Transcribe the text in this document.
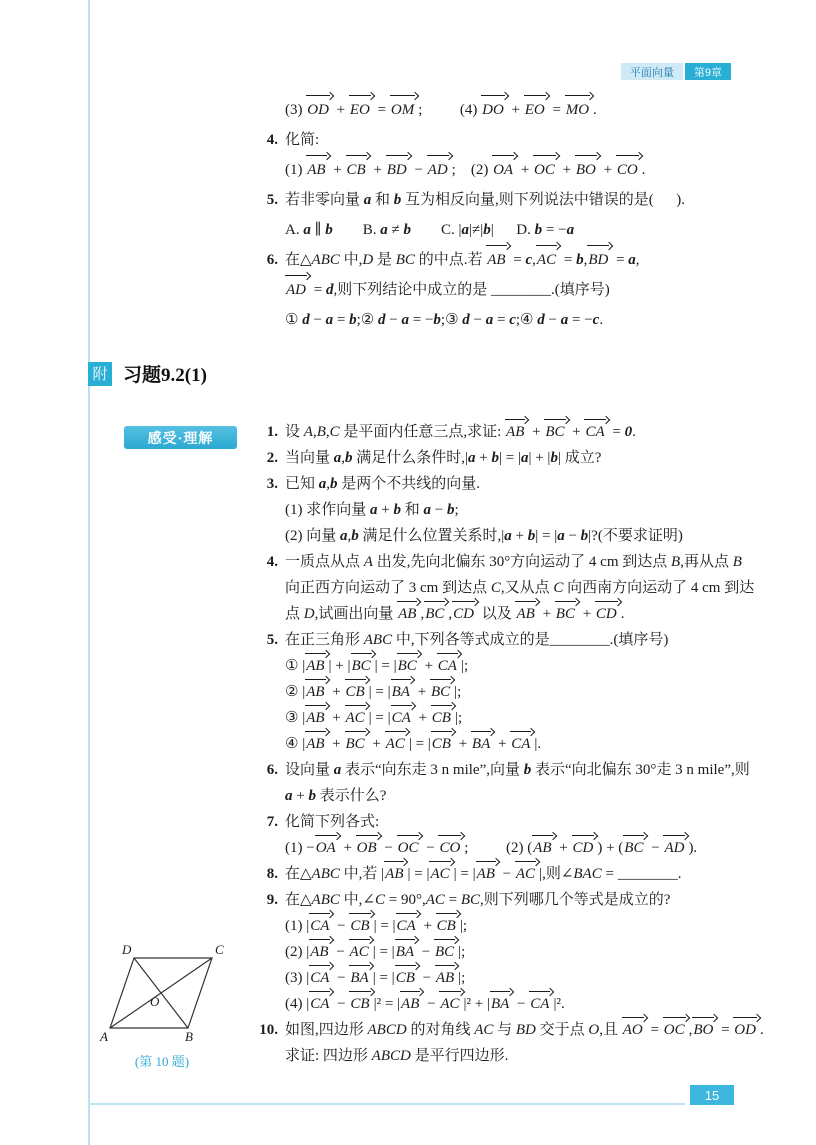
平面向量	第9章
(3) OD + EO = OM ;          (4) DO + EO = MO .
4. 化简:
(1) AB + CB + BD − AD ;    (2) OA + OC + BO + CO .
5. 若非零向量 a 和 b 互为相反向量,则下列说法中错误的是(      ).
A. a ∥ b        B. a ≠ b        C. |a|≠|b|      D. b = −a
6. 在△ABC 中,D 是 BC 的中点.若 AB = c,AC = b,BD = a,
AD = d,则下列结论中成立的是 ________.(填序号)
① d − a = b;② d − a = −b;③ d − a = c;④ d − a = −c.
附 习题9.2(1)
感受·理解	1. 设 A,B,C 是平面内任意三点,求证: AB + BC + CA = 0.
2. 当向量 a,b 满足什么条件时,|a + b| = |a| + |b| 成立?
3. 已知 a,b 是两个不共线的向量.
(1) 求作向量 a + b 和 a − b;
(2) 向量 a,b 满足什么位置关系时,|a + b| = |a − b|?(不要求证明)
4. 一质点从点 A 出发,先向北偏东 30°方向运动了 4 cm 到达点 B,再从点 B
向正西方向运动了 3 cm 到达点 C,又从点 C 向西南方向运动了 4 cm 到达
点 D,试画出向量 AB ,BC ,CD 以及 AB + BC + CD .
5. 在正三角形 ABC 中,下列各等式成立的是________.(填序号)
① |AB | + |BC | = |BC + CA |;
② |AB + CB | = |BA + BC |;
③ |AB + AC | = |CA + CB |;
④ |AB + BC + AC | = |CB + BA + CA |.
6. 设向量 a 表示“向东走 3 n mile”,向量 b 表示“向北偏东 30°走 3 n mile”,则
a + b 表示什么?
7. 化简下列各式:
(1) −OA + OB − OC − CO ;          (2) (AB + CD ) + (BC − AD ).
8. 在△ABC 中,若 |AB | = |AC | = |AB − AC |,则∠BAC = ________.
9. 在△ABC 中,∠C = 90°,AC = BC,则下列哪几个等式是成立的?
(1) |CA − CB | = |CA + CB |;
(2) |AB − AC | = |BA − BC |;
(3) |CA − BA | = |CB − AB |;
(4) |CA − CB |² = |AB − AC |² + |BA − CA |².
10. 如图,四边形 ABCD 的对角线 AC 与 BD 交于点 O,且 AO = OC ,BO = OD .
求证: 四边形 ABCD 是平行四边形.
A	B
C
D
O
(第 10 题)
15
